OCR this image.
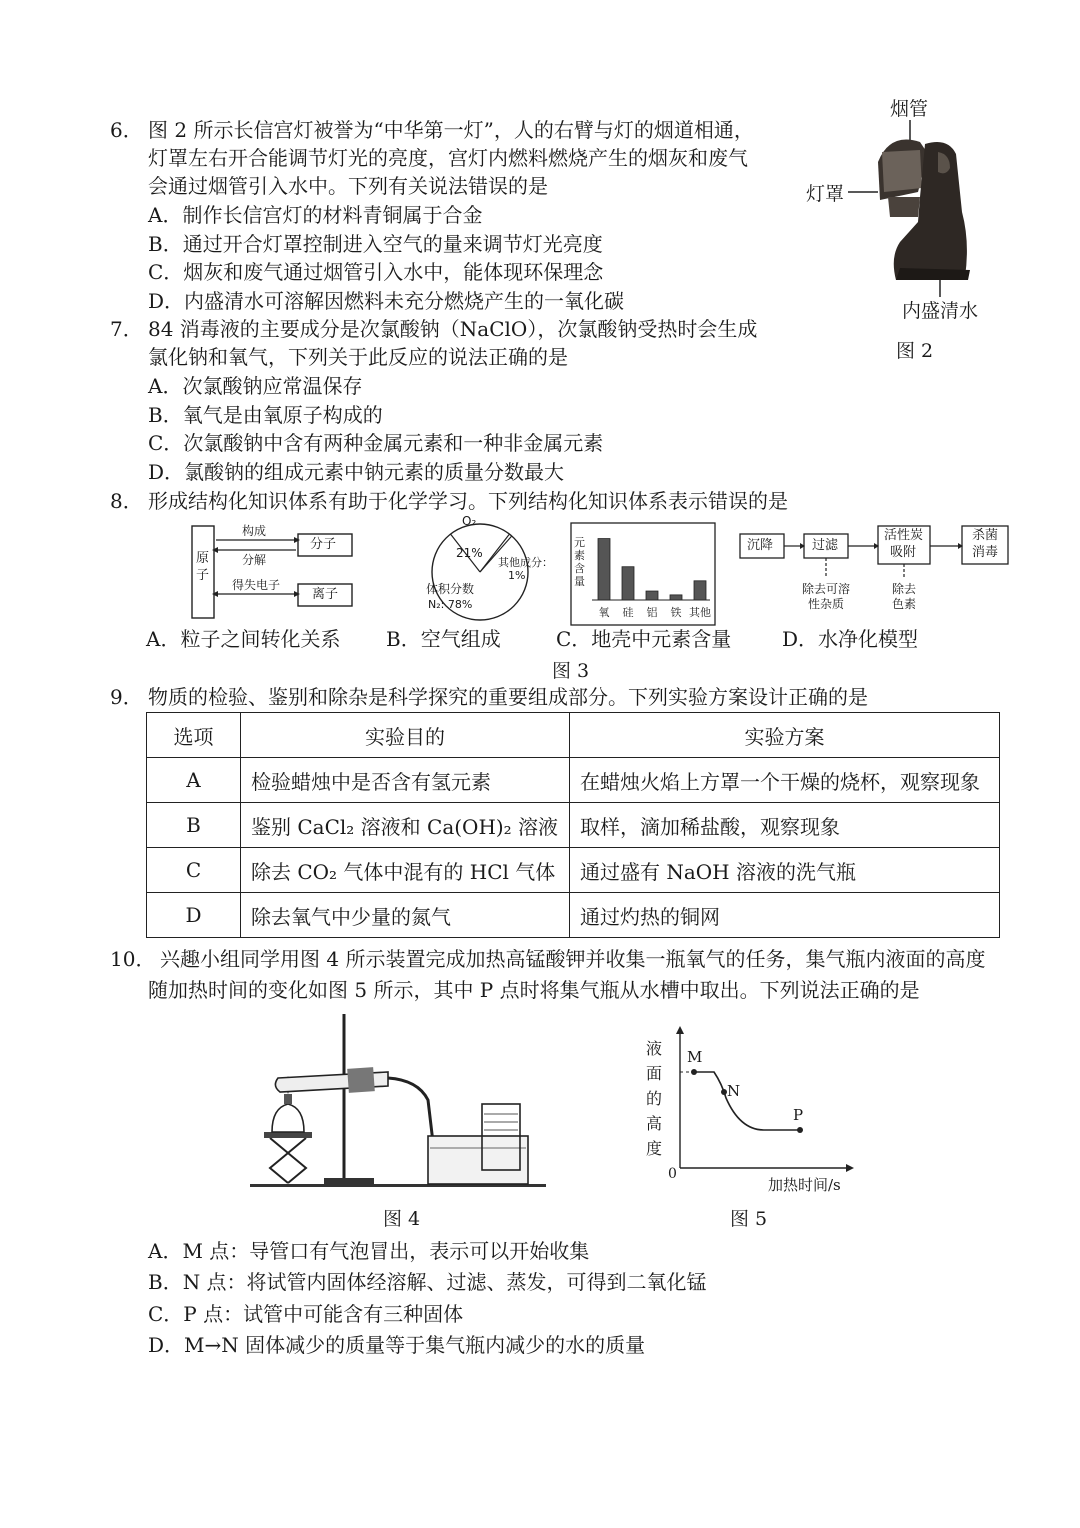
6． 图 2 所示长信宫灯被誉为“中华第一灯”，人的右臂与灯的烟道相通，
灯罩左右开合能调节灯光的亮度，宫灯内燃料燃烧产生的烟灰和废气
会通过烟管引入水中。下列有关说法错误的是
A．制作长信宫灯的材料青铜属于合金
B．通过开合灯罩控制进入空气的量来调节灯光亮度
C．烟灰和废气通过烟管引入水中，能体现环保理念
D．内盛清水可溶解因燃料未充分燃烧产生的一氧化碳
烟管
灯罩
内盛清水
图 2
7． 84 消毒液的主要成分是次氯酸钠（NaClO），次氯酸钠受热时会生成
氯化钠和氧气，下列关于此反应的说法正确的是
A．次氯酸钠应常温保存
B．氧气是由氧原子构成的
C．次氯酸钠中含有两种金属元素和一种非金属元素
D．氯酸钠的组成元素中钠元素的质量分数最大
8． 形成结构化知识体系有助于化学学习。下列结构化知识体系表示错误的是
原子
构成
分解
得失电子
分子
离子
O₂
21%
其他成分：
1%
体积分数
N₂: 78%
氧 硅 铝 铁 其他
元
素
含
量
沉降	过滤
活性炭
吸附
杀菌
消毒
除去可溶
性杂质
除去
色素
A．粒子之间转化关系 B．空气组成	C．地壳中元素含量	D．水净化模型
图 3
9． 物质的检验、鉴别和除杂是科学探究的重要组成部分。下列实验方案设计正确的是
选项	实验目的	实验方案
A	检验蜡烛中是否含有氢元素	在蜡烛火焰上方罩一个干燥的烧杯，观察现象
B	鉴别 CaCl₂ 溶液和 Ca(OH)₂ 溶液	取样，滴加稀盐酸，观察现象
C	除去 CO₂ 气体中混有的 HCl 气体	通过盛有 NaOH 溶液的洗气瓶
D	除去氧气中少量的氮气	通过灼热的铜网
10． 兴趣小组同学用图 4 所示装置完成加热高锰酸钾并收集一瓶氧气的任务，集气瓶内液面的高度
随加热时间的变化如图 5 所示，其中 P 点时将集气瓶从水槽中取出。下列说法正确的是
图 4
液
面
的
高
度
0
加热时间/s
M
N
P
图 5
A．M 点：导管口有气泡冒出，表示可以开始收集
B．N 点：将试管内固体经溶解、过滤、蒸发，可得到二氧化锰
C．P 点：试管中可能含有三种固体
D．M→N 固体减少的质量等于集气瓶内减少的水的质量
